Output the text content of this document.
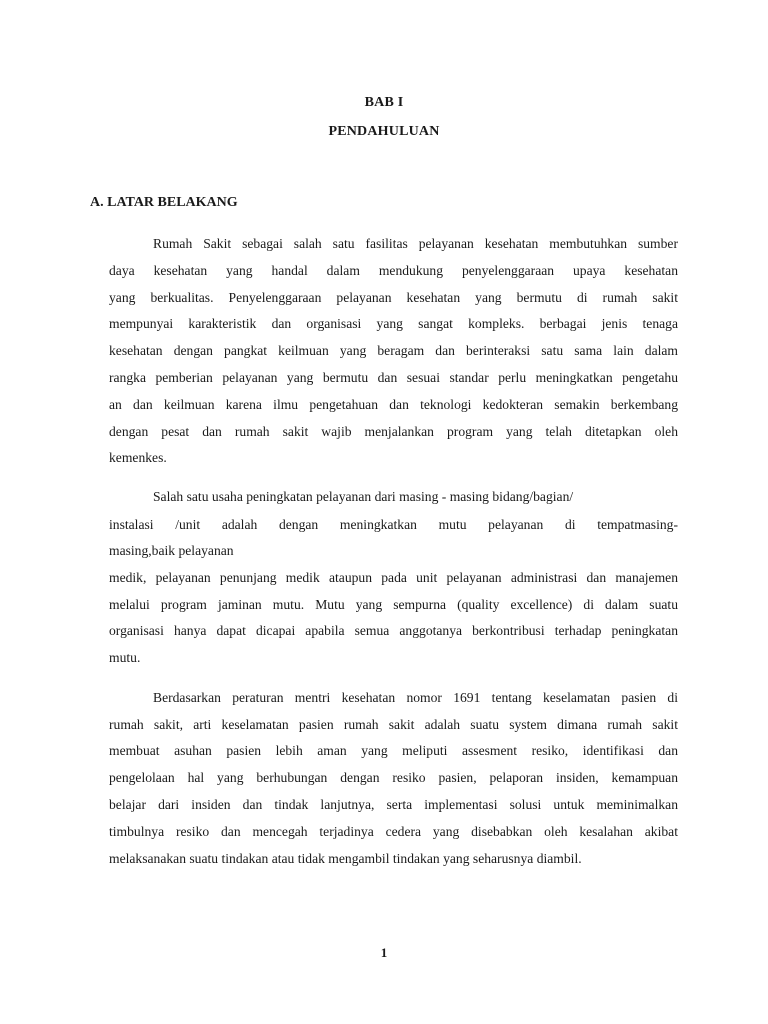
BAB I
PENDAHULUAN
A. LATAR BELAKANG
Rumah Sakit sebagai salah satu fasilitas pelayanan kesehatan membutuhkan sumber
daya kesehatan yang handal dalam mendukung penyelenggaraan upaya kesehatan
yang berkualitas. Penyelenggaraan pelayanan kesehatan yang bermutu di rumah sakit
mempunyai karakteristik dan organisasi yang sangat kompleks. berbagai jenis tenaga
kesehatan dengan pangkat keilmuan yang beragam dan berinteraksi satu sama lain dalam
rangka pemberian pelayanan yang bermutu dan sesuai standar perlu meningkatkan pengetahu
an dan keilmuan karena ilmu pengetahuan dan teknologi kedokteran semakin berkembang
dengan pesat dan rumah sakit wajib menjalankan program yang telah ditetapkan oleh
kemenkes.
Salah satu usaha peningkatan pelayanan dari masing - masing bidang/bagian/
instalasi /unit adalah dengan meningkatkan mutu pelayanan di tempatmasing-
masing,baik pelayanan
medik, pelayanan penunjang medik ataupun pada unit pelayanan administrasi dan manajemen
melalui program jaminan mutu. Mutu yang sempurna (quality excellence) di dalam suatu
organisasi hanya dapat dicapai apabila semua anggotanya berkontribusi terhadap peningkatan
mutu.
Berdasarkan peraturan mentri kesehatan nomor 1691 tentang keselamatan pasien di
rumah sakit, arti keselamatan pasien rumah sakit adalah suatu system dimana rumah sakit
membuat asuhan pasien lebih aman yang meliputi assesment resiko, identifikasi dan
pengelolaan hal yang berhubungan dengan resiko pasien, pelaporan insiden, kemampuan
belajar dari insiden dan tindak lanjutnya, serta implementasi solusi untuk meminimalkan
timbulnya resiko dan mencegah terjadinya cedera yang disebabkan oleh kesalahan akibat
melaksanakan suatu tindakan atau tidak mengambil tindakan yang seharusnya diambil.
1
